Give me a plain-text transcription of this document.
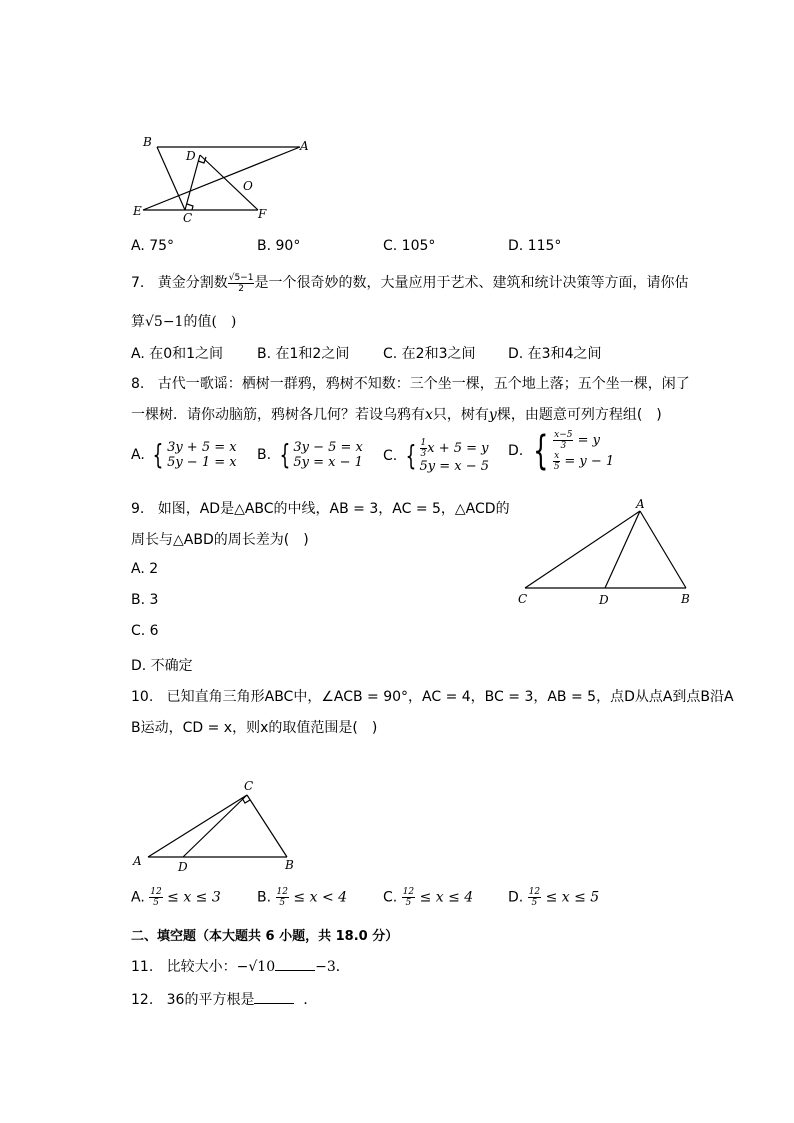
B	A
D
O
E	C	F
A. 75°	B. 90°	C. 105°	D. 115°
7. 黄金分割数 $\frac{√5-1}{2}$ 是一个很奇妙的数，大量应用于艺术、建筑和统计决策等方面，请你估
算√5−1的值(　)
A. 在0和1之间 B. 在1和2之间 C. 在2和3之间 D. 在3和4之间
8. 古代一歌谣：栖树一群鸦，鸦树不知数：三个坐一棵，五个地上落；五个坐一棵，闲了
一棵树．请你动脑筋，鸦树各几何？若设乌鸦有x只，树有y棵，由题意可列方程组(　)
A. { 3y + 5 = x
5y − 1 = x B. { 3y − 5 = x
5y = x − 1 C. { $\frac{1}{3}$ x + 5 = y
5y = x − 5
D. { $\frac{x-5}{3} = y$

$\frac{x}{5} = y - 1$
9. 如图，AD是△ABC的中线，AB = 3，AC = 5，△ACD的
周长与△ABD的周长差为(　)
A. 2
B. 3
C. 6
D. 不确定
A
C	D	B
10. 已知直角三角形ABC中，∠ACB = 90°，AC = 4，BC = 3，AB = 5，点D从点A到点B沿A
B运动，CD = x，则x的取值范围是(　)
C
A	D	B
A. $\frac{12}{5} \le x \le 3$	B. $\frac{12}{5} \le x < 4$	C. $\frac{12}{5} \le x \le 4$ D. $\frac{12}{5} \le x \le 5$
二、填空题（本大题共 6 小题，共 18.0 分）
11. 比较大小：−√10	−3．
12. 36的平方根是	．
